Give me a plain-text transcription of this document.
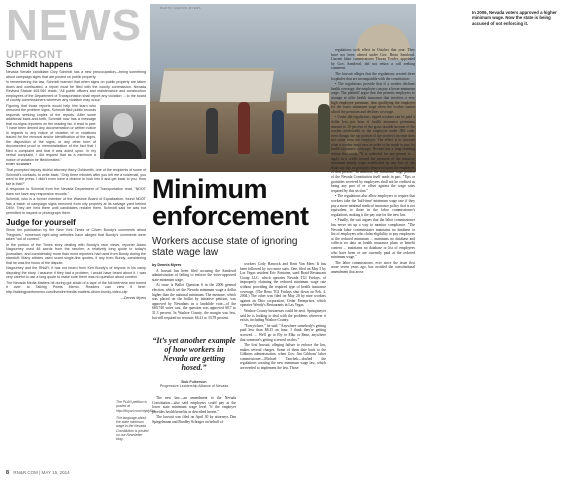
NEWS	In 2006, Nevada voters approved a higher minimum wage. Now the state is being accused of not enforcing it.
PHOTO: DENNIS MYERS
UPFRONT
Schmidt happens

Nevada Senate candidate Cory Schmidt has a new preoccupation—being something about campaign signs that are posted on public property.

In remembering the law, Schmidt learned that when signs on public property are taken down and confiscated, a report must be filed with the county commission. Nevada Revised Statute 405.060 reads, "All public officers and maintenance and construction employees of the Department of Transportation shall report any violation ... to the board of county commissioners wherever any violation may occur."

Figuring that those reports would help him learn who removed the problem signs, Schmidt filed public records requests seeking copies of the reports. After some additional back-and-forth, Schmidt now has a message that no-signs reporters on the reading list. It read in part: "I have been denied any documentation or written notice in regards to any notice of violation of or violations issued for the removal and/or identification of the signs, the disposition of the signs, or any other form of documented proof or memorialization of the fact that I filed a complaint and that it was acted upon. In my verbal complaint, I did request that as a minimum a notice of violation be filed/created."

CORY SCHMIDT

That prompted deputy district attorney Harry Goldsmith, one of the recipients of some of Schmidt's contacts, to write back: "Only three minutes after you left me a voicemail, you went to the press. I didn't even have a chance to look into it and get back to you. How fair is that?"

A response to Schmidt from the Nevada Department of Transportation read, "NDOT does not have any responsive records."

Schmidt, who is a former member of the Washoe Board of Equalization, found NDOT has a batch of campaign signs removed from city property at its salvage yard behind DMV. They are held there until candidates reclaim them. Schmidt said he was not permitted to inspect or photograph them.

Judge for yourself

Since the publication by the New York Times of Cliven Bundy's comments about "Negroes," numerous right-wing websites have alleged that Bundy's comments were taken "out of context."

In the portion of the Times story dealing with Bundy's race views, reporter Adam Nagourney used 48 words from the rancher, a relatively long quote in today's journalism, and considerably more than most reporters had used from Bundy during the standoff. Many articles used scant single-line quotes, if any from Bundy, considering that he was the focus of the dispute.

Nagourney and the RN&R, it has not heard from Ken Bundy's of anyone in his camp disputing the story. I assume if they had a problem, I would have heard about it. I was very careful to use a long quote to make sure there was no question about context.

The Nevada Media Matters hit during got ahold of a tape of the full interview and turned it over to Talking Points Memo. Readers can view it here: http://talkingpointsmemo.com/livewire/media-matters-cliven-bundy-video-clip

—Dennis Myers
Minimum
enforcement
Workers accuse state of ignoring state wage law

by Dennis Myers

A lawsuit has been filed accusing the Sandoval administration of failing to enforce the voter-approved state minimum wage.

At issue is Ballot Question 6 in the 2006 general election, which set the Nevada minimum wage a dollar higher than the national minimum. The measure, which was placed on the ballot by initiative petition, was approved by Nevadans in a landslide vote—of the 660,740 votes cast, the question was approved 68.7 to 31.3 percent. In Washoe County, the margin was less, but still required no recount: 66.21 to 33.78 percent.

“It’s yet another example of how workers in Nevada are getting hosed.”
Bob Fulkerson
Progressive Leadership Alliance of Nevada

The PLAN petition is posted at http://tinyurl.com/mydy6bs

The language about the state minimum wage in the Nevada Constitution is posted on our Newsletter blog.

The new law—an amendment to the Nevada Constitution—also said employers could pay at the lower state minimum wage level "if the employer provides health benefits as described herein."

The lawsuit was filed on April 30 by attorneys Dan Spiegelmann and Bradley Schrager on behalf of

workers Cody Hancock and Kent Van Meer. It has been followed by two more suits. One, filed on May 5 by Las Vegas resident Eric Fontaine, sued Braid Restaurant Group LLC, which operates Nevada TGI Fridays, of improperly claiming the reduced minimum wage rate without providing the required type of health insurance coverage. (The Reno TGI Fridays shut down on Feb. 4, 2004.) The other was filed on May 20 by nine workers against an Ohio corporation, Cedar Enterprises, which operates Wendy's Restaurants in Las Vegas.

Washoe County businesses could be next. Springmeyer said he is looking to deal with the problems wherever it exists, including Washoe County.

"Everywhere," he said. "Anywhere somebody's getting paid less than $8.25 an hour, I think they're getting screwed. ... We'll go to Ely or Elko or Reno, anywhere that someone's getting screwed on this."

The first lawsuit, alleging failure to enforce the law, makes several charges. Some of them date back to the Gibbons administration, when Gov. Jim Gibbons' labor commissioner—Michael Tanchek—drafted the regulations creating the new minimum wage law, which are needed to implement the law. Those

regulations took effect in October that year. They have not been altered under Gov. Brian Sandoval. Current labor commissioner Thoran Towler, appointed by Gov. Sandoval, did not return a call seeking comment.

The lawsuit alleges that the regulations created three loopholes that are incompatible with the constitution:

• The regulations provide that if a worker declines health coverage, the employer can pay a lower minimum wage. The plaintiff argue that this permits employers to arrange to offer health insurance that involves a very high employee premium, thus qualifying the employer for the lower minimum wage when the worker cannot afford the premium and declines coverage.

• Under the regulations, tipped workers can be paid a dollar less per hour if health insurance premiums amount to 10 percent of the gross taxable income of the worker attributable to the employee under IRS code, even though the tip portion of the worker's income does not come from the employer. The effect is to increase what a worker must earn in order to be made to pay for health insurance coverage. Nevada has a long-standing statute that reads, "It is unlawful for any person to ... apply as a credit toward the payment of the statutory minimum hourly wage established by any law of this State any tips or gratuities bestowed upon the employees of that person." In addition, the minimum wage portion of the Nevada Constitution itself reads in part, "Tips or gratuities received by employees shall not be credited as being any part of or offset against the wage rates required by this section."

• The regulations also allow employers to require that workers take the 'half-time' minimum wage rate if they pay a more minimal medical insurance policy that is not equivalent to those in the labor commissioner's regulations, making it the pay rate for the new law.

• Finally, the suit argues that the labor commissioner has never set up a way to monitor compliance. "The Nevada labor commissioner maintains no database or list of employers who claim eligibility to pay employees at the reduced minimum ... maintains no database and collects no data on health insurance plans or benefit content ... maintains no database or list of employees who have been or are currently paid at the reduced minimum wage."

The labor commissioner, ever since the issue first arose seven years ago, has avoided the constitutional amendment that arose

8 RN&R.COM | MAY 15, 2014
